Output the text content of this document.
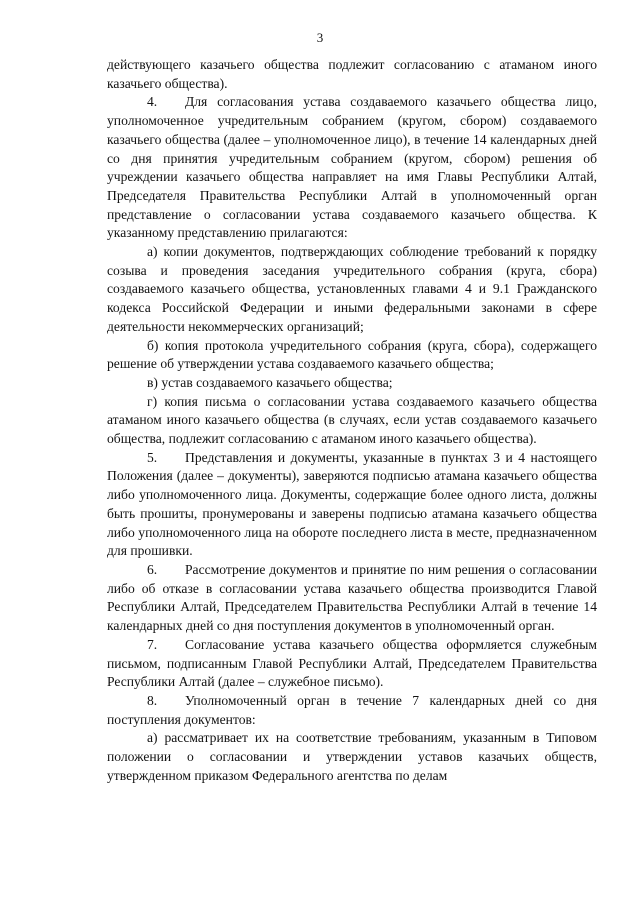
3

действующего казачьего общества подлежит согласованию с атаманом иного казачьего общества).

4. Для согласования устава создаваемого казачьего общества лицо, уполномоченное учредительным собранием (кругом, сбором) создаваемого казачьего общества (далее – уполномоченное лицо), в течение 14 календарных дней со дня принятия учредительным собранием (кругом, сбором) решения об учреждении казачьего общества направляет на имя Главы Республики Алтай, Председателя Правительства Республики Алтай в уполномоченный орган представление о согласовании устава создаваемого казачьего общества. К указанному представлению прилагаются:

а) копии документов, подтверждающих соблюдение требований к порядку созыва и проведения заседания учредительного собрания (круга, сбора) создаваемого казачьего общества, установленных главами 4 и 9.1 Гражданского кодекса Российской Федерации и иными федеральными законами в сфере деятельности некоммерческих организаций;

б) копия протокола учредительного собрания (круга, сбора), содержащего решение об утверждении устава создаваемого казачьего общества;

в) устав создаваемого казачьего общества;

г) копия письма о согласовании устава создаваемого казачьего общества атаманом иного казачьего общества (в случаях, если устав создаваемого казачьего общества, подлежит согласованию с атаманом иного казачьего общества).

5. Представления и документы, указанные в пунктах 3 и 4 настоящего Положения (далее – документы), заверяются подписью атамана казачьего общества либо уполномоченного лица. Документы, содержащие более одного листа, должны быть прошиты, пронумерованы и заверены подписью атамана казачьего общества либо уполномоченного лица на обороте последнего листа в месте, предназначенном для прошивки.

6. Рассмотрение документов и принятие по ним решения о согласовании либо об отказе в согласовании устава казачьего общества производится Главой Республики Алтай, Председателем Правительства Республики Алтай в течение 14 календарных дней со дня поступления документов в уполномоченный орган.

7. Согласование устава казачьего общества оформляется служебным письмом, подписанным Главой Республики Алтай, Председателем Правительства Республики Алтай (далее – служебное письмо).

8. Уполномоченный орган в течение 7 календарных дней со дня поступления документов:

а) рассматривает их на соответствие требованиям, указанным в Типовом положении о согласовании и утверждении уставов казачьих обществ, утвержденном приказом Федерального агентства по делам
